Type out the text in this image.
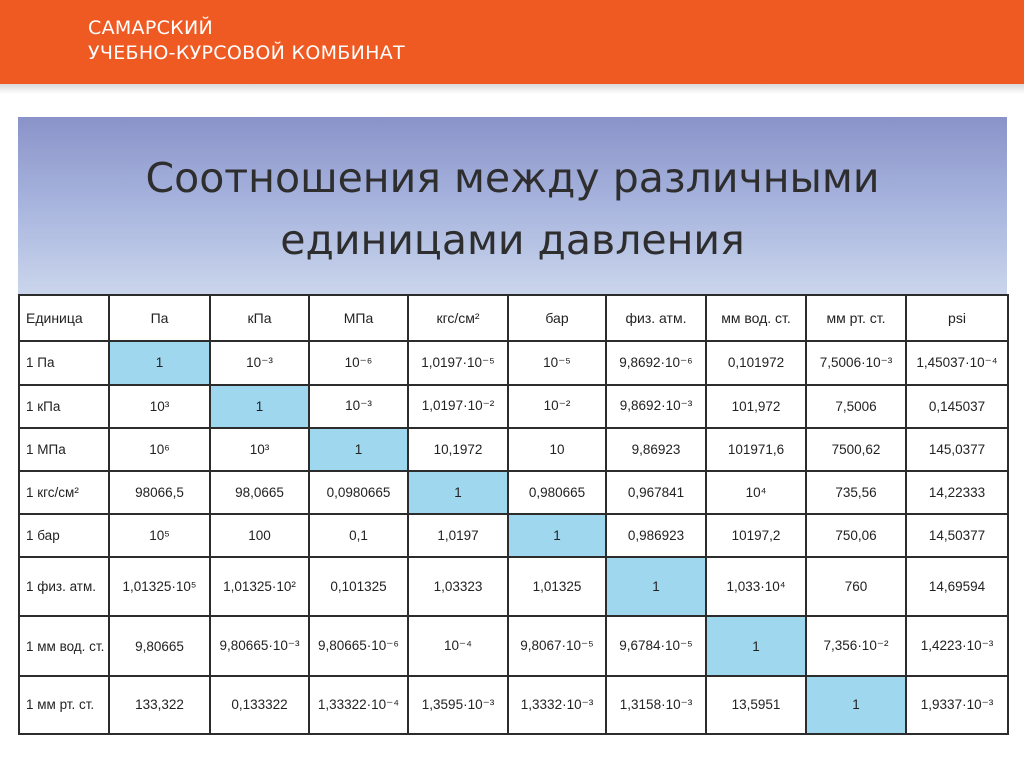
САМАРСКИЙ
УЧЕБНО-КУРСОВОЙ КОМБИНАТ
Соотношения между различными
единицами давления
Единица	Па	кПа	МПа	кгс/см²	бар	физ. атм.	мм вод. ст.	мм рт. ст.	psi
1 Па	1	10⁻³	10⁻⁶	1,0197·10⁻⁵	10⁻⁵	9,8692·10⁻⁶	0,101972	7,5006·10⁻³	1,45037·10⁻⁴
1 кПа	10³	1	10⁻³	1,0197·10⁻²	10⁻²	9,8692·10⁻³	101,972	7,5006	0,145037
1 МПа	10⁶	10³	1	10,1972	10	9,86923	101971,6	7500,62	145,0377
1 кгс/см²	98066,5	98,0665	0,0980665	1	0,980665	0,967841	10⁴	735,56	14,22333
1 бар	10⁵	100	0,1	1,0197	1	0,986923	10197,2	750,06	14,50377
1 физ. атм.	1,01325·10⁵	1,01325·10²	0,101325	1,03323	1,01325	1	1,033·10⁴	760	14,69594
1 мм вод. ст.	9,80665	9,80665·10⁻³	9,80665·10⁻⁶	10⁻⁴	9,8067·10⁻⁵	9,6784·10⁻⁵	1	7,356·10⁻²	1,4223·10⁻³
1 мм рт. ст.	133,322	0,133322	1,33322·10⁻⁴	1,3595·10⁻³	1,3332·10⁻³	1,3158·10⁻³	13,5951	1	1,9337·10⁻³
